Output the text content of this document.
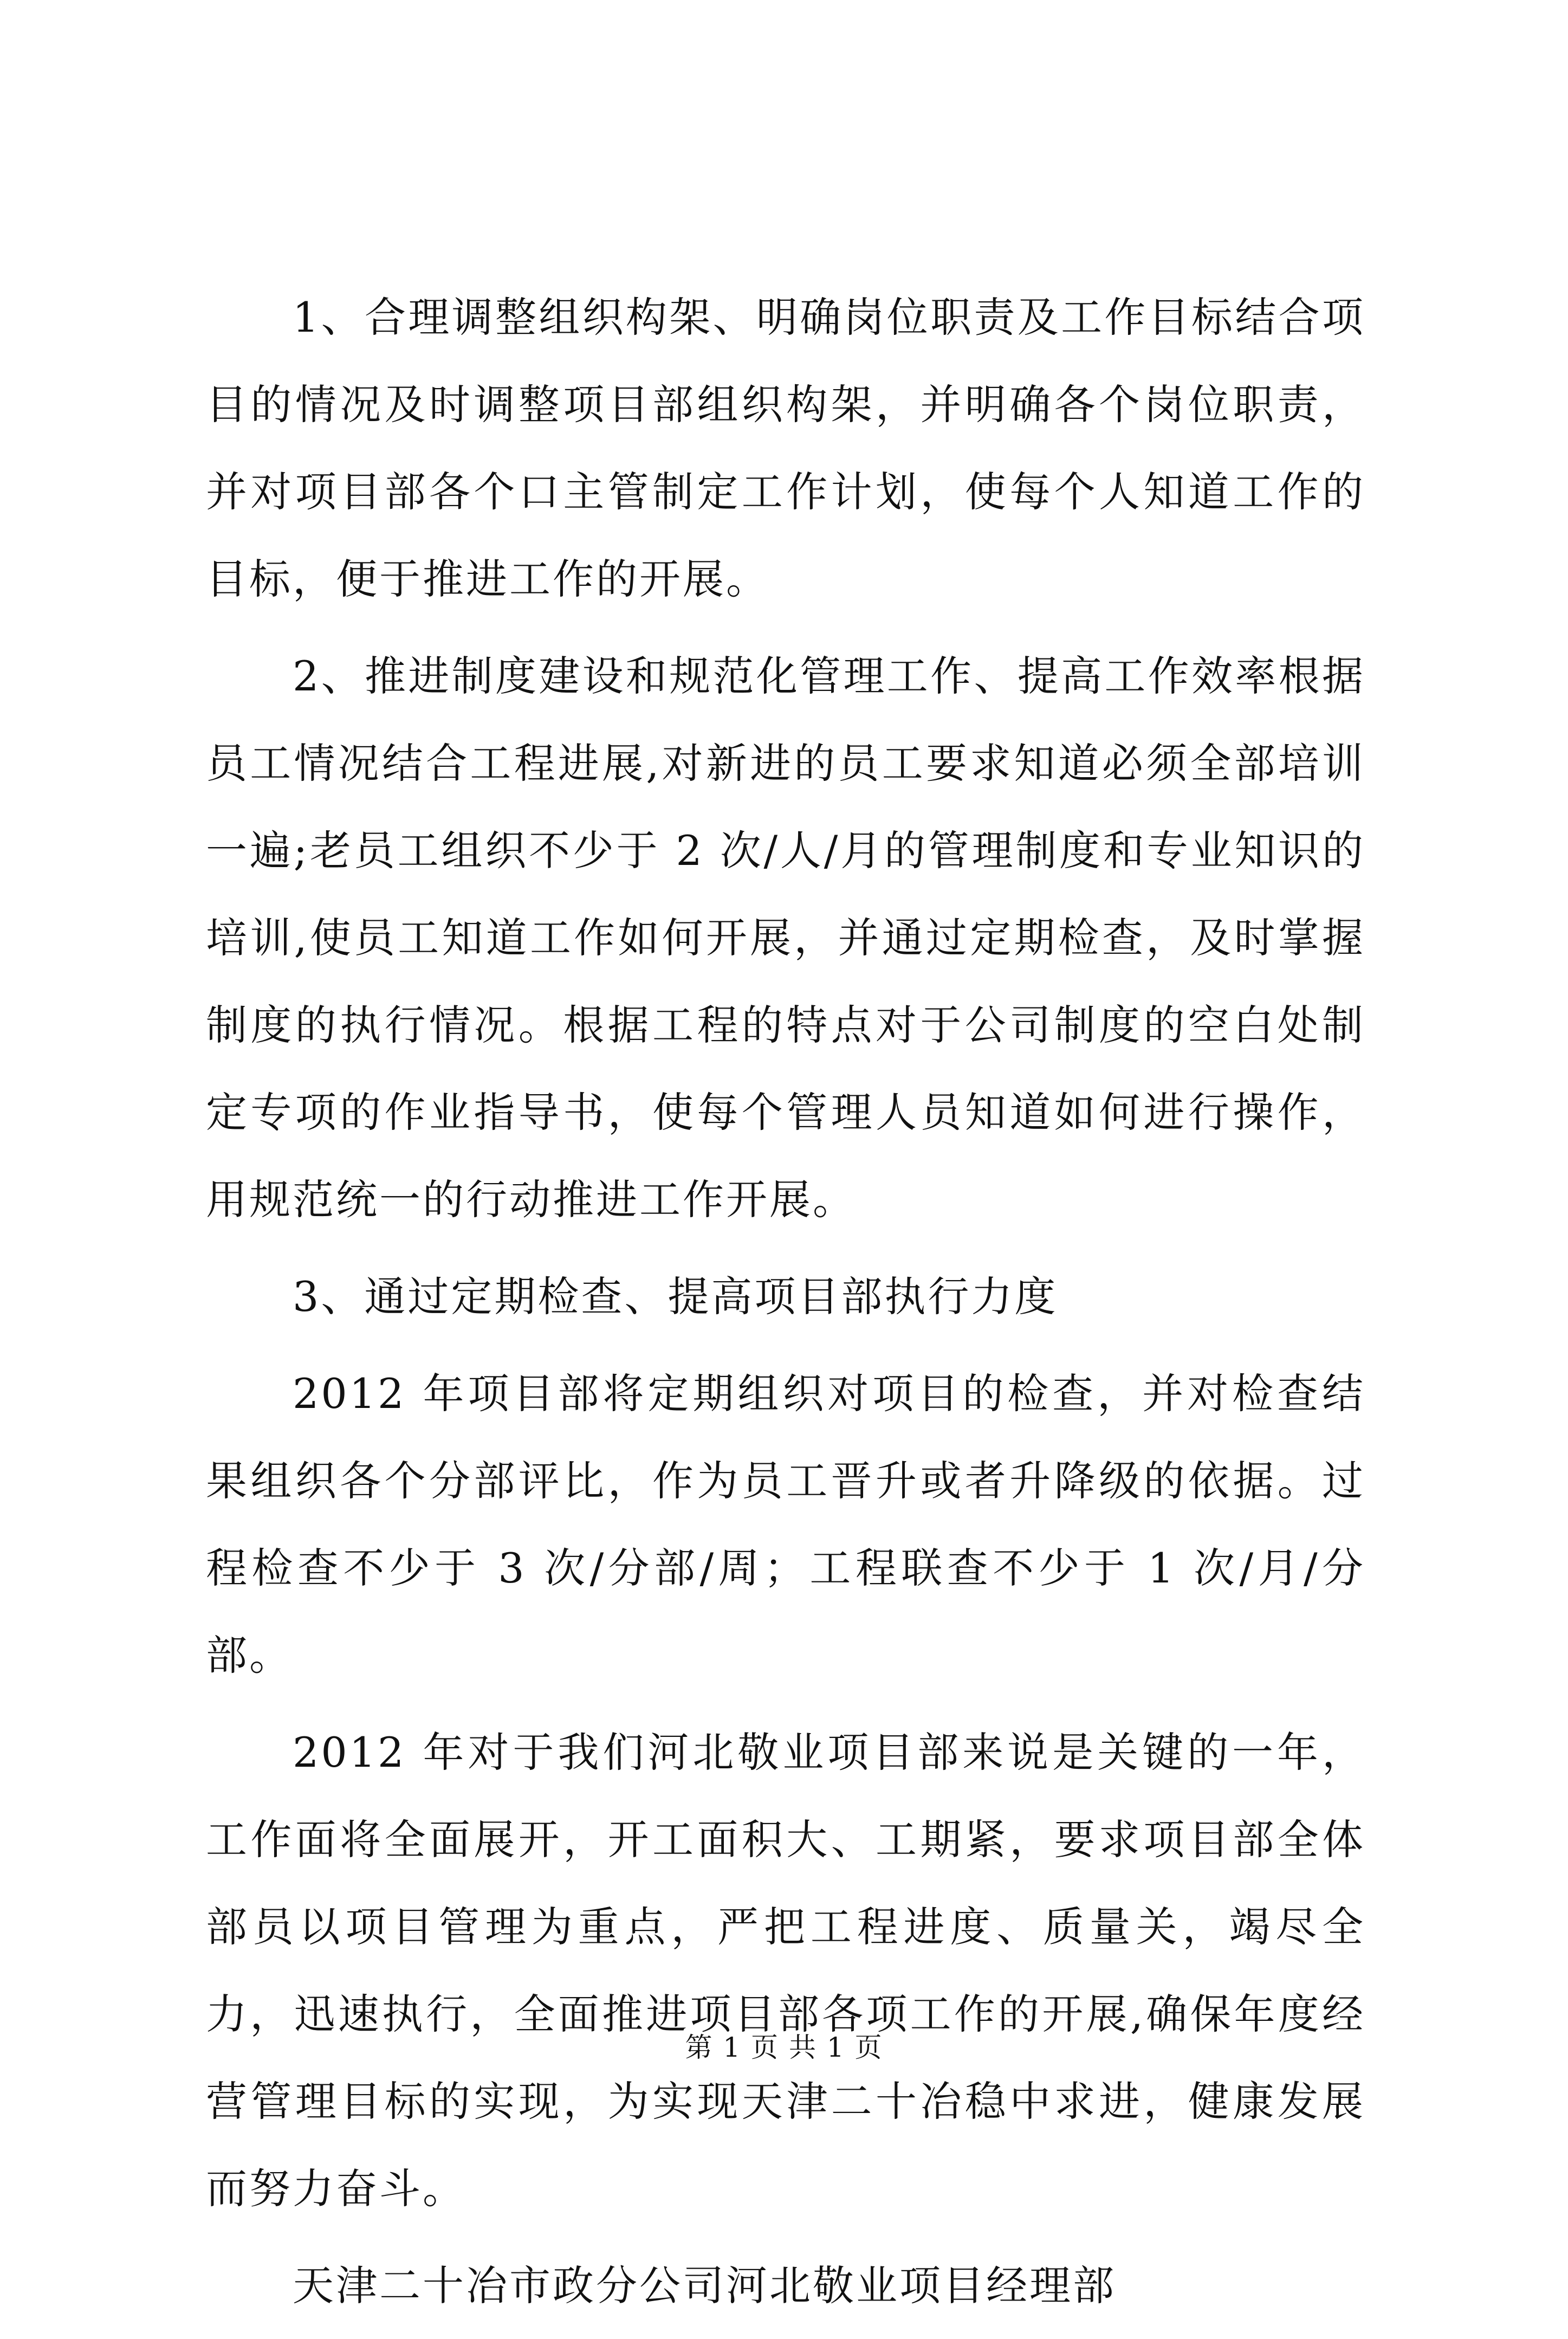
1、合理调整组织构架、明确岗位职责及工作目标结合项目的情况及时调整项目部组织构架，并明确各个岗位职责，并对项目部各个口主管制定工作计划，使每个人知道工作的目标，便于推进工作的开展。

2、推进制度建设和规范化管理工作、提高工作效率根据员工情况结合工程进展,对新进的员工要求知道必须全部培训一遍;老员工组织不少于 2 次/人/月的管理制度和专业知识的培训,使员工知道工作如何开展，并通过定期检查，及时掌握制度的执行情况。根据工程的特点对于公司制度的空白处制定专项的作业指导书，使每个管理人员知道如何进行操作，用规范统一的行动推进工作开展。

3、通过定期检查、提高项目部执行力度

2012 年项目部将定期组织对项目的检查，并对检查结果组织各个分部评比，作为员工晋升或者升降级的依据。过程检查不少于 3 次/分部/周；工程联查不少于 1 次/月/分部。

2012 年对于我们河北敬业项目部来说是关键的一年，工作面将全面展开，开工面积大、工期紧，要求项目部全体部员以项目管理为重点，严把工程进度、质量关，竭尽全力，迅速执行，全面推进项目部各项工作的开展,确保年度经营管理目标的实现，为实现天津二十冶稳中求进，健康发展而努力奋斗。

天津二十冶市政分公司河北敬业项目经理部

第 1 页 共 1 页
